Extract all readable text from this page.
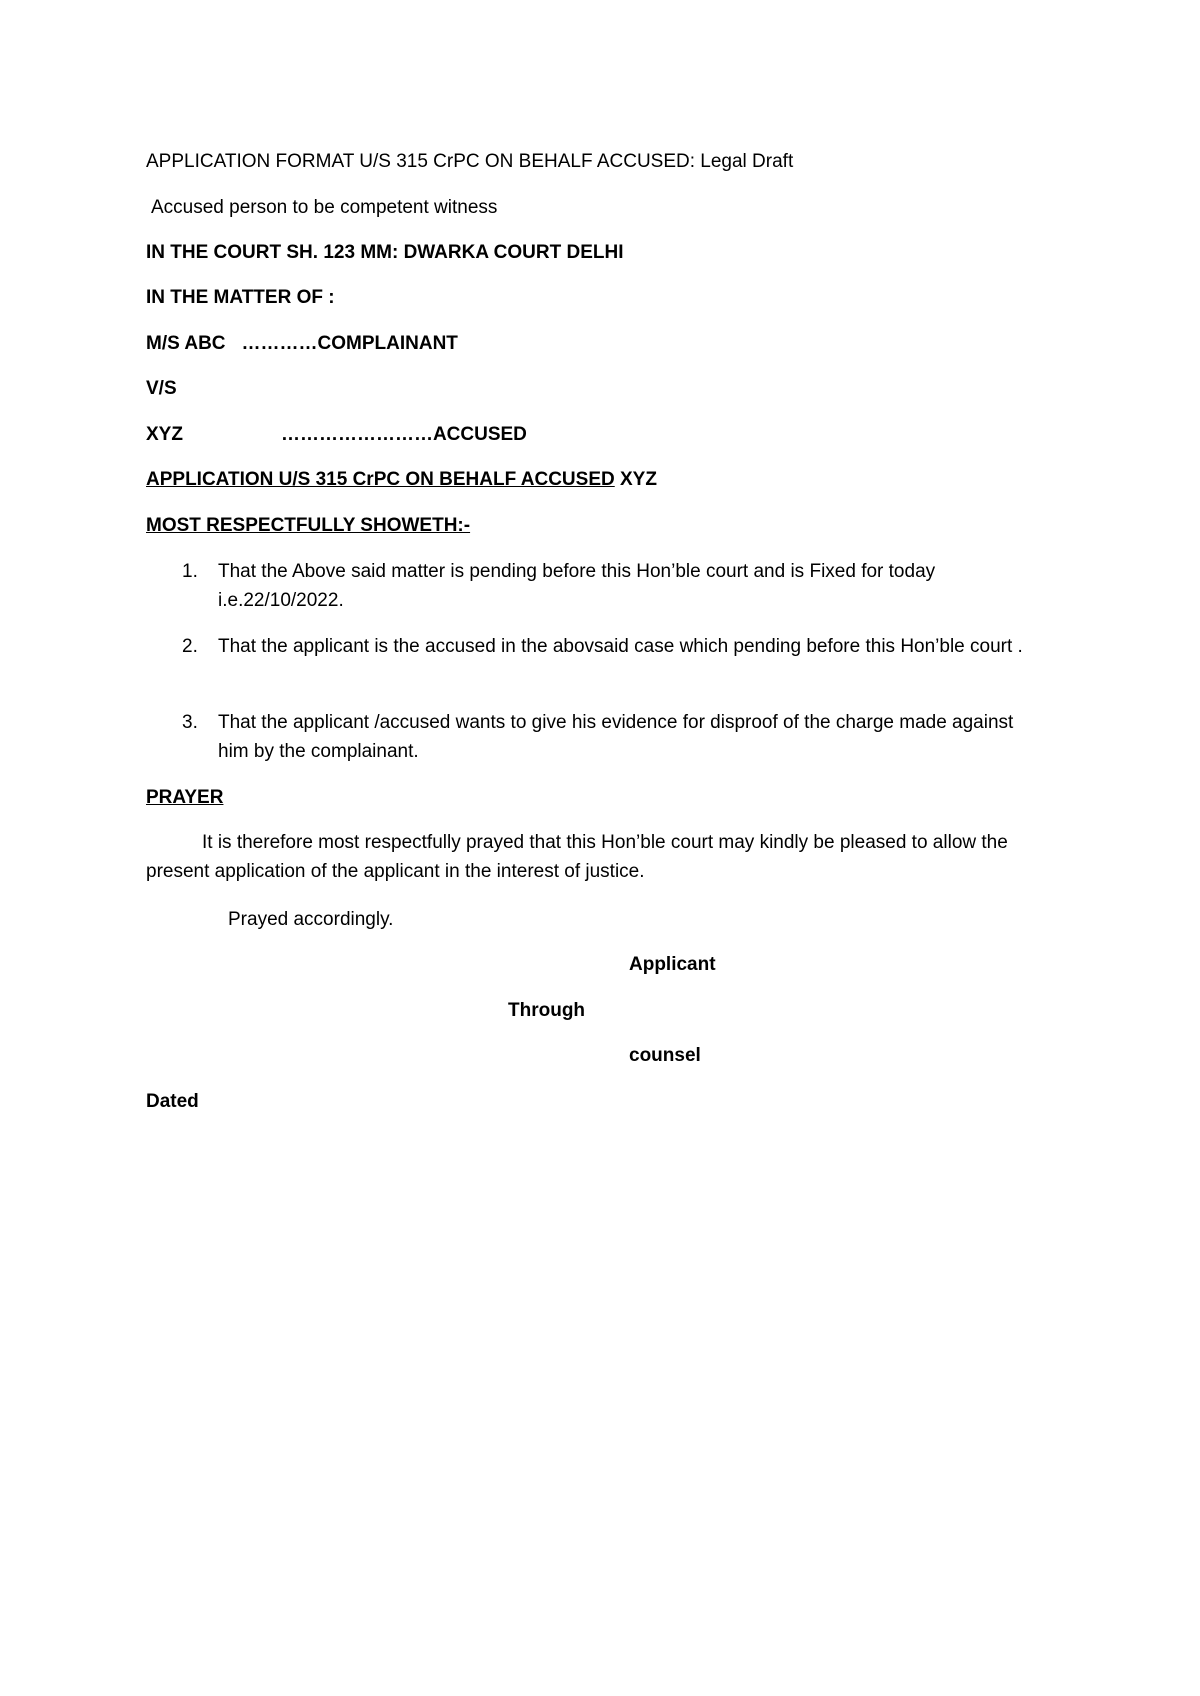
APPLICATION FORMAT U/S 315 CrPC ON BEHALF ACCUSED: Legal Draft
Accused person to be competent witness
IN THE COURT SH. 123 MM: DWARKA COURT DELHI
IN THE MATTER OF :
M/S ABC …………COMPLAINANT
V/S
XYZ	……………………ACCUSED
APPLICATION U/S 315 CrPC ON BEHALF ACCUSED XYZ
MOST RESPECTFULLY SHOWETH:-
1.	That the Above said matter is pending before this Hon’ble court and is Fixed for today i.e.22/10/2022.
2.	That the applicant is the accused in the abovsaid case which pending before this Hon’ble court .
3.	That the applicant /accused wants to give his evidence for disproof of the charge made against him by the complainant.
PRAYER
It is therefore most respectfully prayed that this Hon’ble court may kindly be pleased to allow the present application of the applicant in the interest of justice.
Prayed accordingly.
Applicant
Through
counsel
Dated
